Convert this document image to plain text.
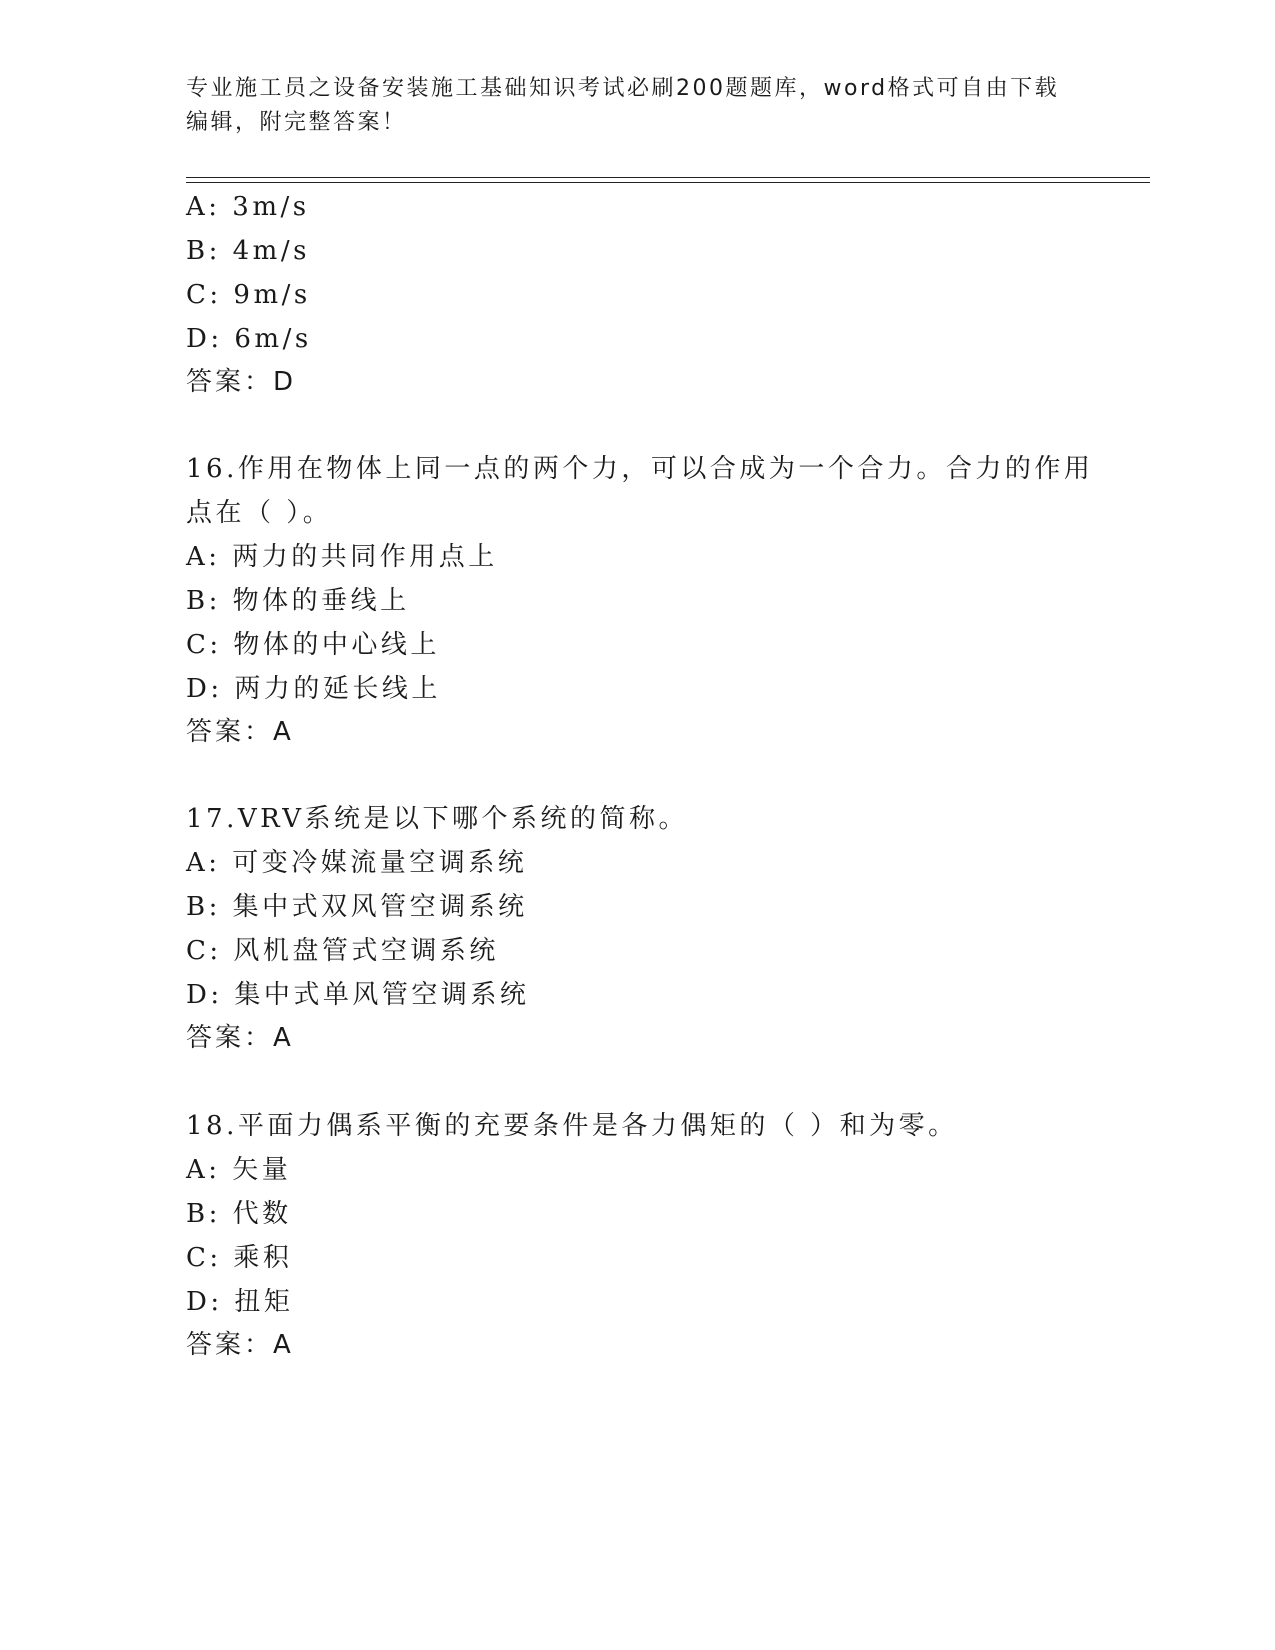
专业施工员之设备安装施工基础知识考试必刷200题题库，word格式可自由下载
编辑，附完整答案！
A: 3m/s
B: 4m/s
C: 9m/s
D: 6m/s
答案：D
16.作用在物体上同一点的两个力，可以合成为一个合力。合力的作用
点在（ ）。
A: 两力的共同作用点上
B: 物体的垂线上
C: 物体的中心线上
D: 两力的延长线上
答案：A
17.VRV系统是以下哪个系统的简称。
A: 可变冷媒流量空调系统
B: 集中式双风管空调系统
C: 风机盘管式空调系统
D: 集中式单风管空调系统
答案：A
18.平面力偶系平衡的充要条件是各力偶矩的（ ）和为零。
A: 矢量
B: 代数
C: 乘积
D: 扭矩
答案：A
